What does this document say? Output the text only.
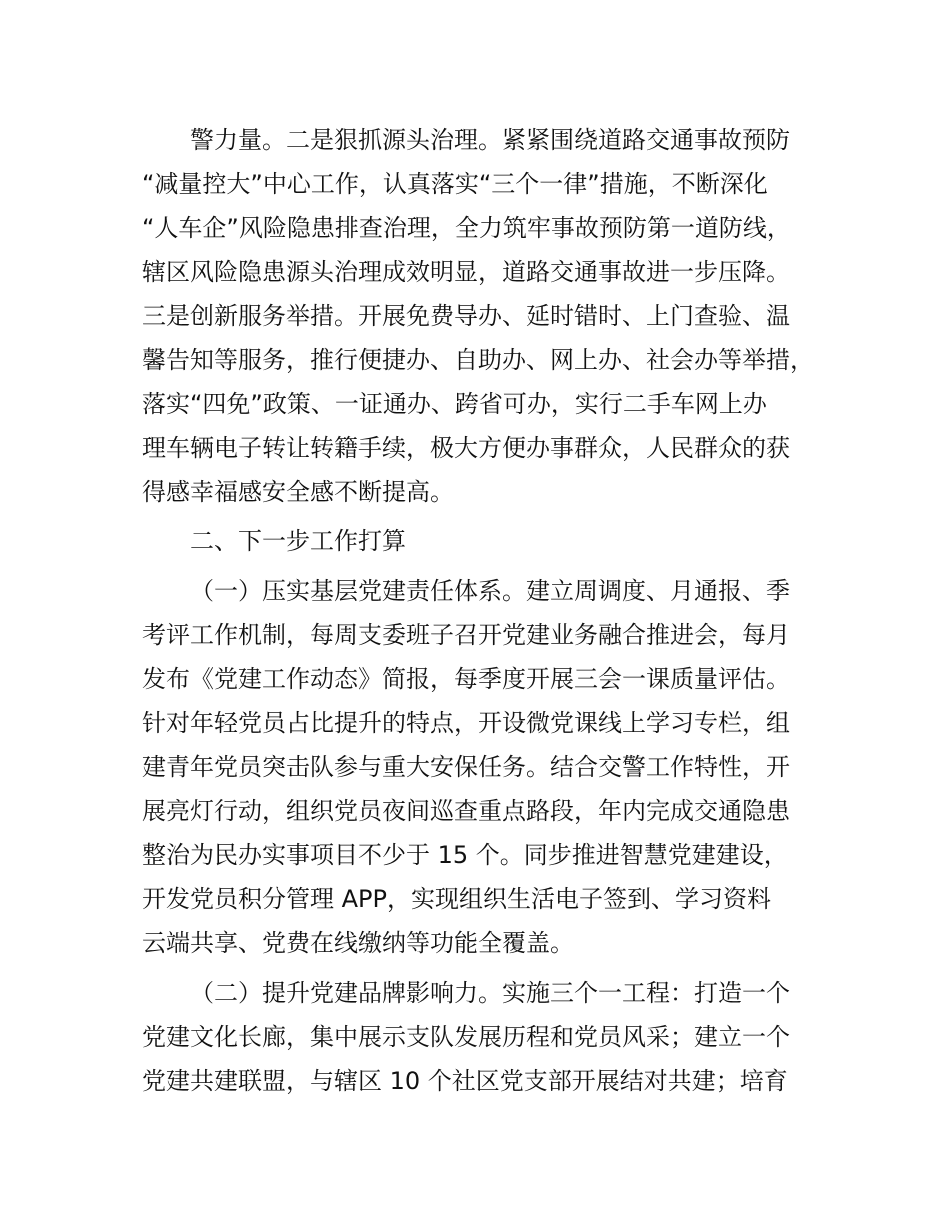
警力量。二是狠抓源头治理。紧紧围绕道路交通事故预防
“减量控大”中心工作，认真落实“三个一律”措施，不断深化
“人车企”风险隐患排查治理，全力筑牢事故预防第一道防线，
辖区风险隐患源头治理成效明显，道路交通事故进一步压降。
三是创新服务举措。开展免费导办、延时错时、上门查验、温
馨告知等服务，推行便捷办、自助办、网上办、社会办等举措，
落实“四免”政策、一证通办、跨省可办，实行二手车网上办
理车辆电子转让转籍手续，极大方便办事群众，人民群众的获
得感幸福感安全感不断提高。
二、下一步工作打算
（一）压实基层党建责任体系。建立周调度、月通报、季
考评工作机制，每周支委班子召开党建业务融合推进会，每月
发布《党建工作动态》简报，每季度开展三会一课质量评估。
针对年轻党员占比提升的特点，开设微党课线上学习专栏，组
建青年党员突击队参与重大安保任务。结合交警工作特性，开
展亮灯行动，组织党员夜间巡查重点路段，年内完成交通隐患
整治为民办实事项目不少于 15 个。同步推进智慧党建建设，
开发党员积分管理 APP，实现组织生活电子签到、学习资料
云端共享、党费在线缴纳等功能全覆盖。
（二）提升党建品牌影响力。实施三个一工程：打造一个
党建文化长廊，集中展示支队发展历程和党员风采；建立一个
党建共建联盟，与辖区 10 个社区党支部开展结对共建；培育
